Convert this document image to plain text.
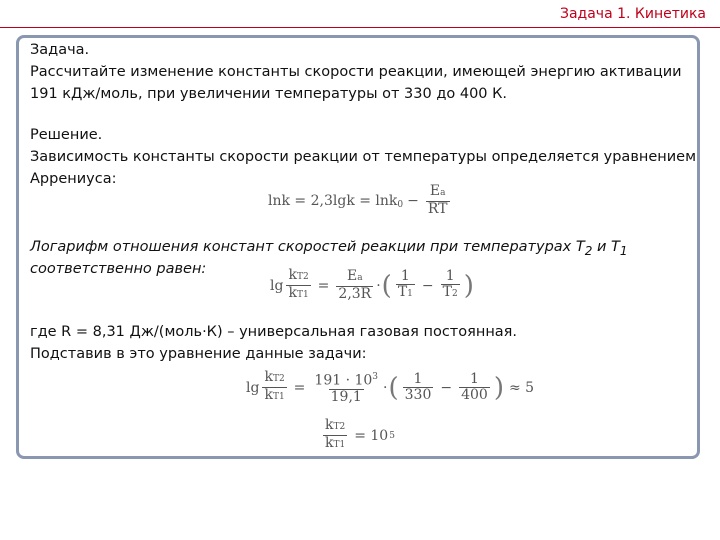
Задача 1. Кинетика
Задача.
Рассчитайте изменение константы скорости реакции, имеющей энергию активации
191 кДж/моль, при увеличении температуры от 330 до 400 К.
Решение.
Зависимость константы скорости реакции от температуры определяется уравнением
Аррениуса:
lnk = 2,3lgk = lnk $0 - \frac{Ea}{RT}$
Логарифм отношения констант скоростей реакции при температурах $T_2$ и $T_1$
соответственно равен:
$\lg \frac{kT2}{kT1} = \frac{Ea}{2,3R}$ · ( $\frac{1}{T1} - \frac{1}{T2}$ )
где R = 8,31 Дж/(моль·К) – универсальная газовая постоянная.
Подставив в это уравнение данные задачи:
$\lg \frac{kT2}{kT1} = \frac{191 \cdot 10^3}{19,1}$ · ( $\frac{1}{330} - \frac{1}{400}$ ) ≈ 5
$\frac{kT2}{kT1} = 10$ 5
